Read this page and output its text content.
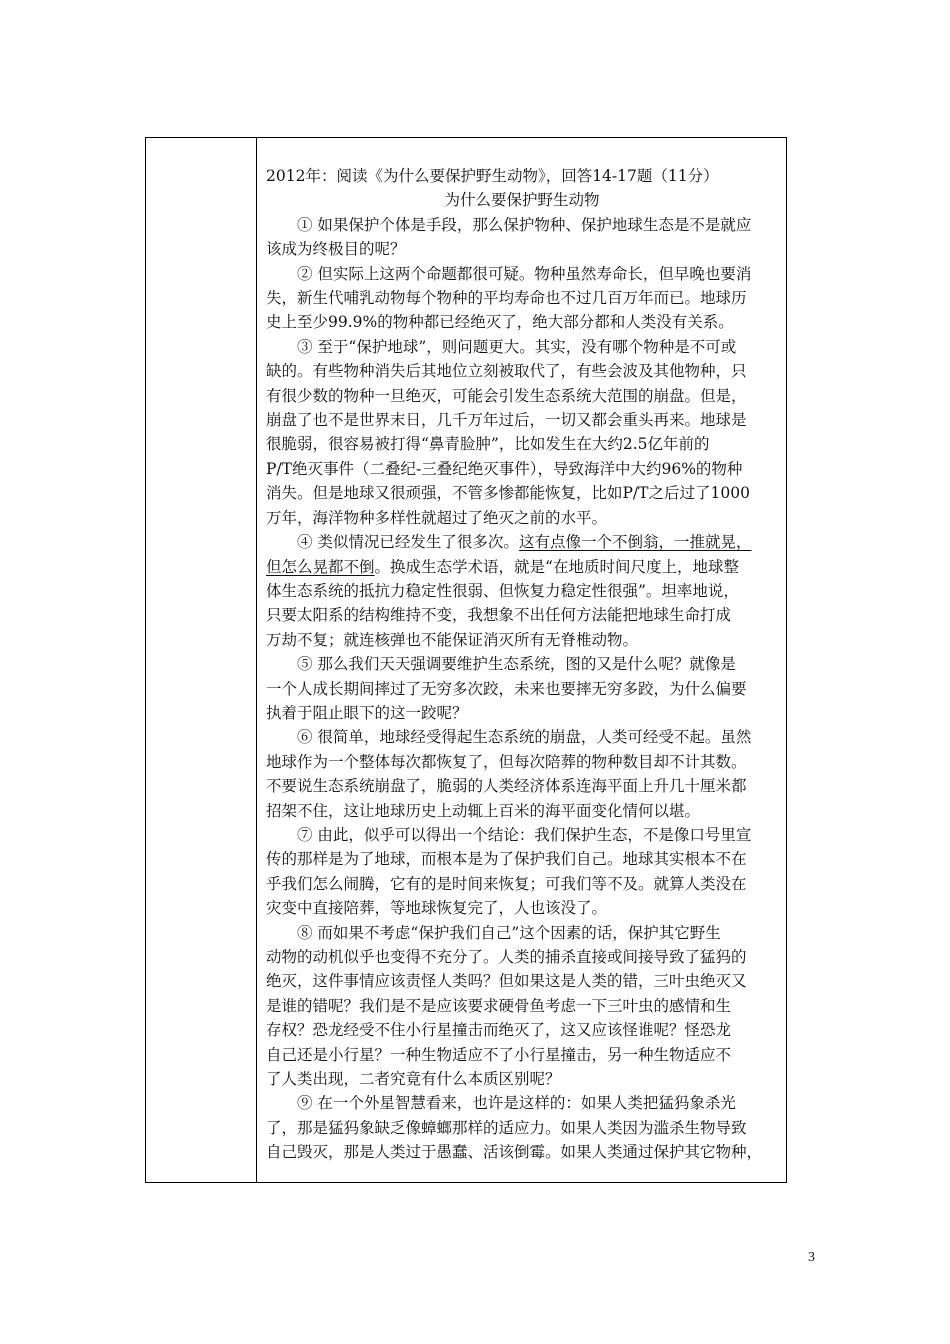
2012年：阅读《为什么要保护野生动物》，回答14-17题（11分）

为什么要保护野生动物

① 如果保护个体是手段，那么保护物种、保护地球生态是不是就应

该成为终极目的呢？

② 但实际上这两个命题都很可疑。物种虽然寿命长，但早晚也要消

失，新生代哺乳动物每个物种的平均寿命也不过几百万年而已。地球历

史上至少99.9%的物种都已经绝灭了，绝大部分都和人类没有关系。

③ 至于“保护地球”，则问题更大。其实，没有哪个物种是不可或

缺的。有些物种消失后其地位立刻被取代了，有些会波及其他物种，只

有很少数的物种一旦绝灭，可能会引发生态系统大范围的崩盘。但是，

崩盘了也不是世界末日，几千万年过后，一切又都会重头再来。地球是

很脆弱，很容易被打得“鼻青脸肿”，比如发生在大约2.5亿年前的

P/T绝灭事件（二叠纪-三叠纪绝灭事件），导致海洋中大约96%的物种

消失。但是地球又很顽强，不管多惨都能恢复，比如P/T之后过了1000

万年，海洋物种多样性就超过了绝灭之前的水平。

④ 类似情况已经发生了很多次。这有点像一个不倒翁，一推就晃，

但怎么晃都不倒。换成生态学术语，就是“在地质时间尺度上，地球整

体生态系统的抵抗力稳定性很弱、但恢复力稳定性很强”。坦率地说，

只要太阳系的结构维持不变，我想象不出任何方法能把地球生命打成

万劫不复；就连核弹也不能保证消灭所有无脊椎动物。

⑤ 那么我们天天强调要维护生态系统，图的又是什么呢？就像是

一个人成长期间摔过了无穷多次跤，未来也要摔无穷多跤，为什么偏要

执着于阻止眼下的这一跤呢？

⑥ 很简单，地球经受得起生态系统的崩盘，人类可经受不起。虽然

地球作为一个整体每次都恢复了，但每次陪葬的物种数目却不计其数。

不要说生态系统崩盘了，脆弱的人类经济体系连海平面上升几十厘米都

招架不住，这让地球历史上动辄上百米的海平面变化情何以堪。

⑦ 由此，似乎可以得出一个结论：我们保护生态，不是像口号里宣

传的那样是为了地球，而根本是为了保护我们自己。地球其实根本不在

乎我们怎么闹腾，它有的是时间来恢复；可我们等不及。就算人类没在

灾变中直接陪葬，等地球恢复完了，人也该没了。

⑧ 而如果不考虑“保护我们自己”这个因素的话，保护其它野生

动物的动机似乎也变得不充分了。人类的捕杀直接或间接导致了猛犸的

绝灭，这件事情应该责怪人类吗？但如果这是人类的错，三叶虫绝灭又

是谁的错呢？我们是不是应该要求硬骨鱼考虑一下三叶虫的感情和生

存权？恐龙经受不住小行星撞击而绝灭了，这又应该怪谁呢？怪恐龙

自己还是小行星？一种生物适应不了小行星撞击，另一种生物适应不

了人类出现，二者究竟有什么本质区别呢？

⑨ 在一个外星智慧看来，也许是这样的：如果人类把猛犸象杀光

了，那是猛犸象缺乏像蟑螂那样的适应力。如果人类因为滥杀生物导致

自己毁灭，那是人类过于愚蠢、活该倒霉。如果人类通过保护其它物种，

3
